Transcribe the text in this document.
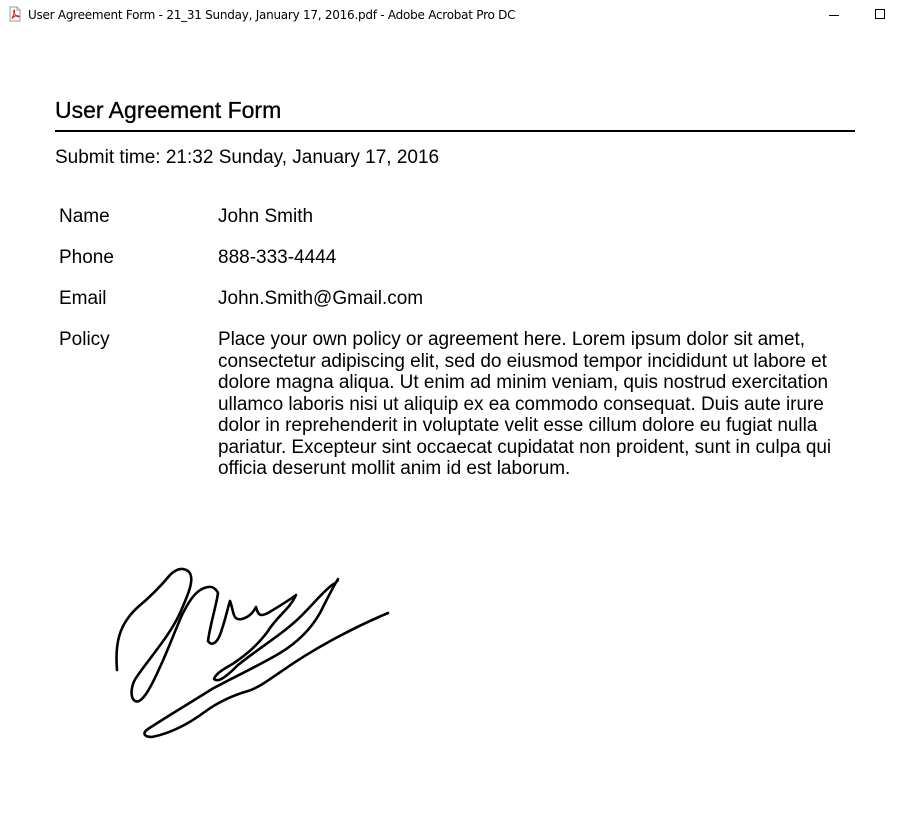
User Agreement Form - 21_31 Sunday, January 17, 2016.pdf - Adobe Acrobat Pro DC
User Agreement Form
Submit time: 21:32 Sunday, January 17, 2016
Name	John Smith
Phone	888-333-4444
Email	John.Smith@Gmail.com
Policy	Place your own policy or agreement here. Lorem ipsum dolor sit amet, consectetur adipiscing elit, sed do eiusmod tempor incididunt ut labore et dolore magna aliqua. Ut enim ad minim veniam, quis nostrud exercitation ullamco laboris nisi ut aliquip ex ea commodo consequat. Duis aute irure dolor in reprehenderit in voluptate velit esse cillum dolore eu fugiat nulla pariatur. Excepteur sint occaecat cupidatat non proident, sunt in culpa qui officia deserunt mollit anim id est laborum.
